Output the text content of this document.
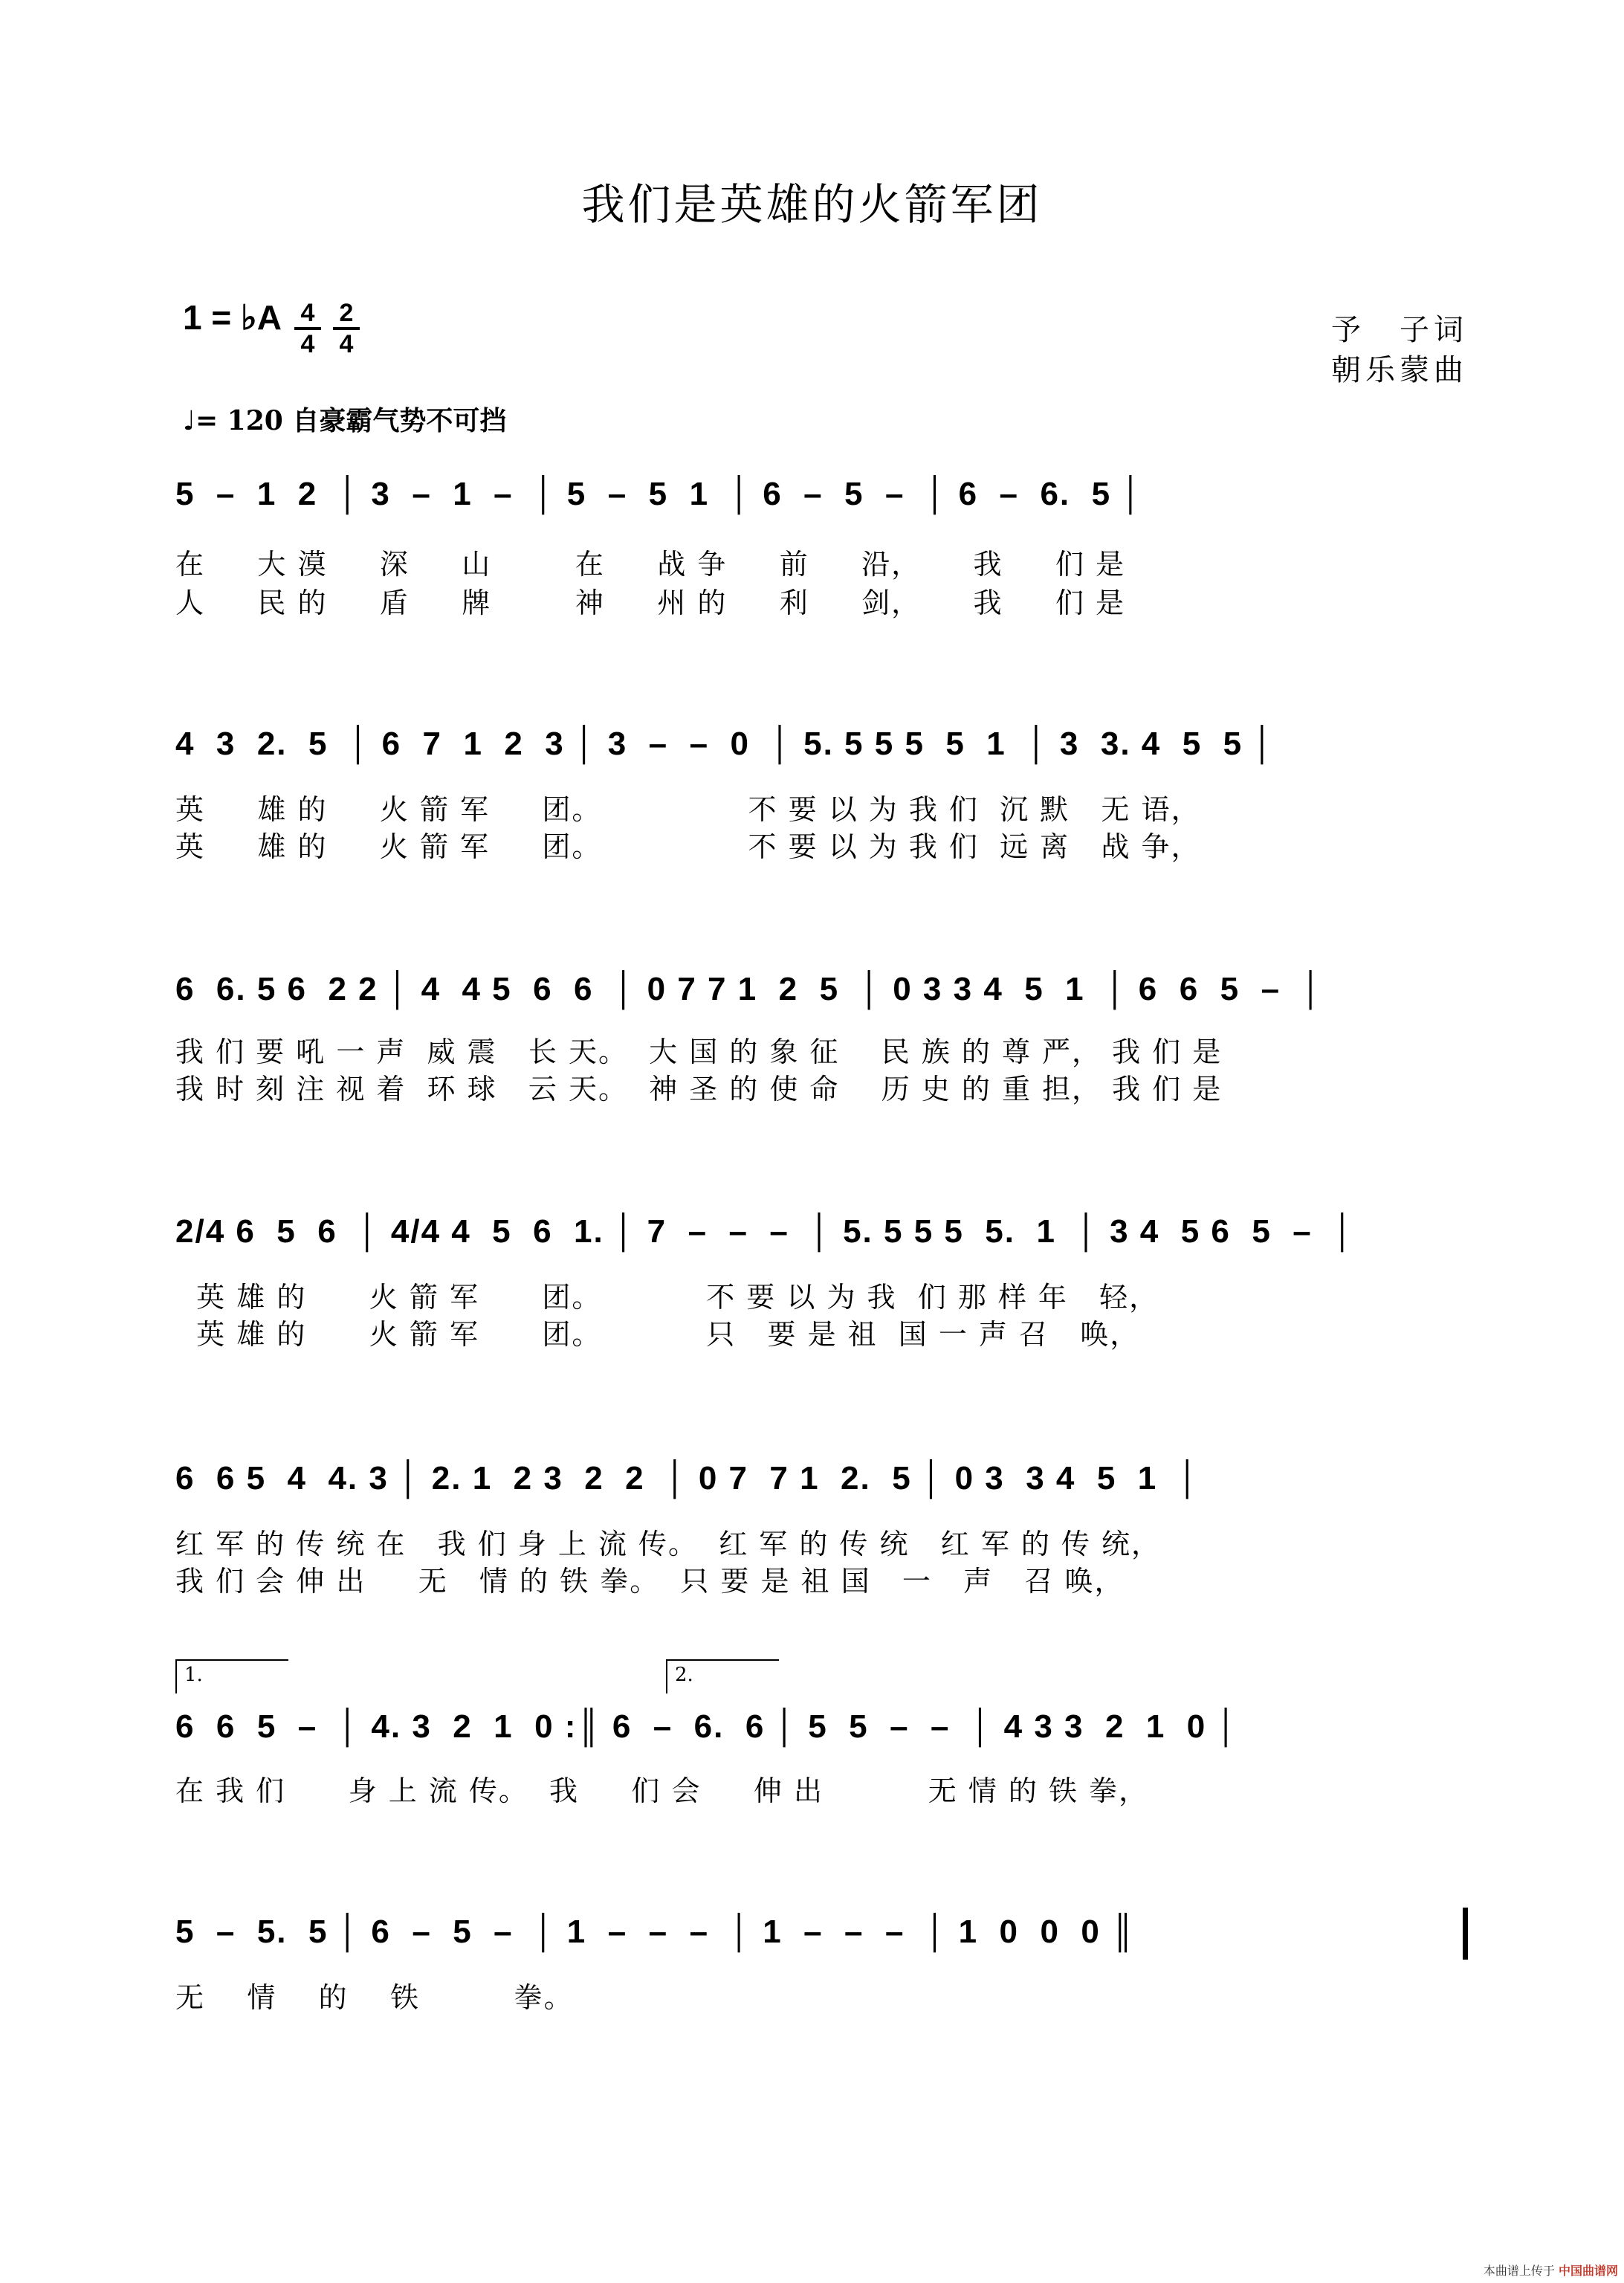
我们是英雄的火箭军团
1 = ♭A 4
4
2
4	予　子词
朝乐蒙曲
♩= 120 自豪霸气势不可挡
5  –  1  2  │ 3  –  1  –  │ 5  –  5  1  │ 6  –  5  –  │ 6  –  6.  5 │
在     大 漠     深     山        在     战 争     前     沿，     我     们 是
人     民 的     盾     牌        神     州 的     利     剑，     我     们 是
4  3  2.  5  │ 6  7  1  2  3 │ 3  –  –  0  │ 5. 5 5 5  5  1  │ 3  3. 4  5  5 │
英     雄 的     火 箭 军     团。              不 要 以 为 我 们  沉 默   无 语，
英     雄 的     火 箭 军     团。              不 要 以 为 我 们  远 离   战 争，
6  6. 5 6  2 2 │ 4  4 5  6  6  │ 0 7 7 1  2  5  │ 0 3 3 4  5  1  │ 6  6  5  –  │
我 们 要 吼 一 声  威 震   长 天。  大 国 的 象 征    民 族 的 尊 严， 我 们 是
我 时 刻 注 视 着  环 球   云 天。  神 圣 的 使 命    历 史 的 重 担， 我 们 是
2/4 6  5  6  │ 4/4 4  5  6  1. │ 7  –  –  –  │ 5. 5 5 5  5.  1  │ 3 4  5 6  5  –  │
英 雄 的      火 箭 军      团。          不 要 以 为 我  们 那 样 年   轻，
英 雄 的      火 箭 军      团。          只   要 是 祖  国 一 声 召   唤，
6  6 5  4  4. 3 │ 2. 1  2 3  2  2  │ 0 7  7 1  2.  5 │ 0 3  3 4  5  1  │
红 军 的 传 统 在   我 们 身 上 流 传。  红 军 的 传 统   红 军 的 传 统，
我 们 会 伸 出     无   情 的 铁 拳。  只 要 是 祖 国   一   声   召 唤，
1.	2.
6  6  5  –  │ 4. 3  2  1  0 :║ 6  –  6.  6 │ 5  5  –  –  │ 4 3 3  2  1  0 │
在 我 们      身 上 流 传。  我     们 会     伸 出          无 情 的 铁 拳，
5  –  5.  5 │ 6  –  5  –  │ 1  –  –  –  │ 1  –  –  –  │ 1  0  0  0 ║
无    情    的    铁         拳。
本曲谱上传于 中国曲谱网
